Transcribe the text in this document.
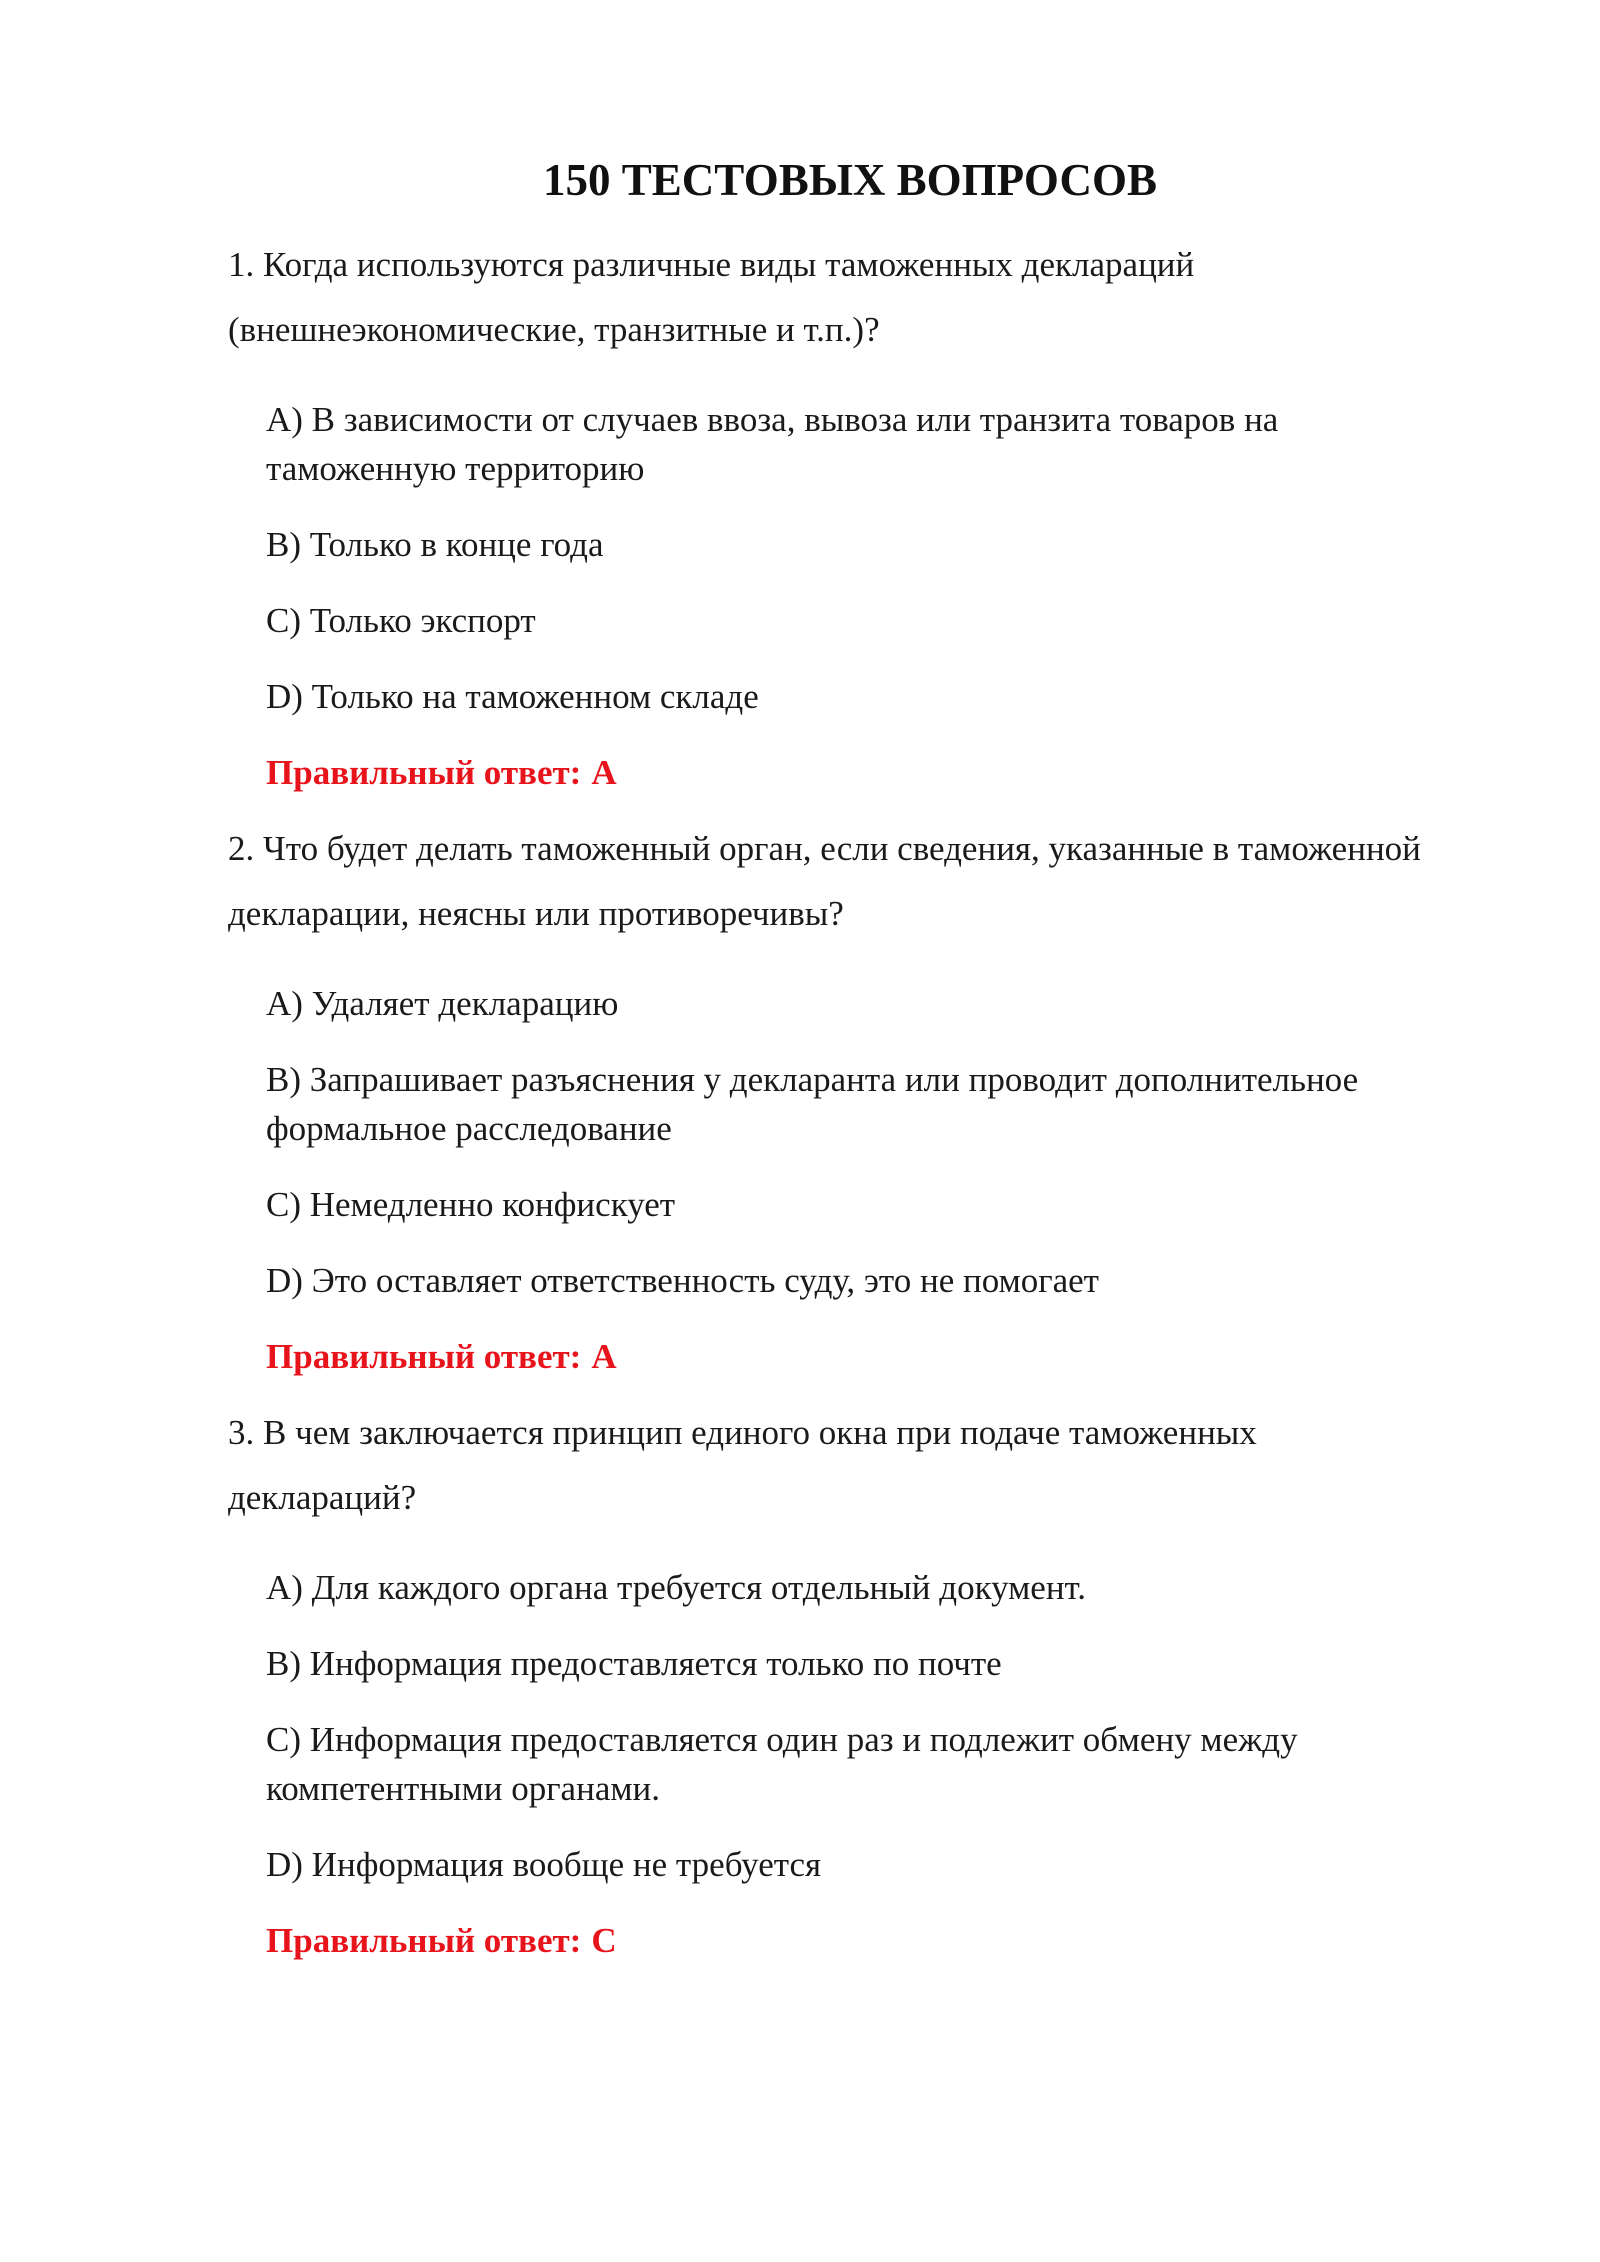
150 ТЕСТОВЫХ ВОПРОСОВ

1. Когда используются различные виды таможенных деклараций (внешнеэкономические, транзитные и т.п.)?

A) В зависимости от случаев ввоза, вывоза или транзита товаров на таможенную территорию

B) Только в конце года

C) Только экспорт

D) Только на таможенном складе

Правильный ответ: A

2. Что будет делать таможенный орган, если сведения, указанные в таможенной декларации, неясны или противоречивы?

A) Удаляет декларацию

B) Запрашивает разъяснения у декларанта или проводит дополнительное формальное расследование

C) Немедленно конфискует

D) Это оставляет ответственность суду, это не помогает

Правильный ответ: A

3. В чем заключается принцип единого окна при подаче таможенных деклараций?

A) Для каждого органа требуется отдельный документ.

B) Информация предоставляется только по почте

C) Информация предоставляется один раз и подлежит обмену между компетентными органами.

D) Информация вообще не требуется

Правильный ответ: C
